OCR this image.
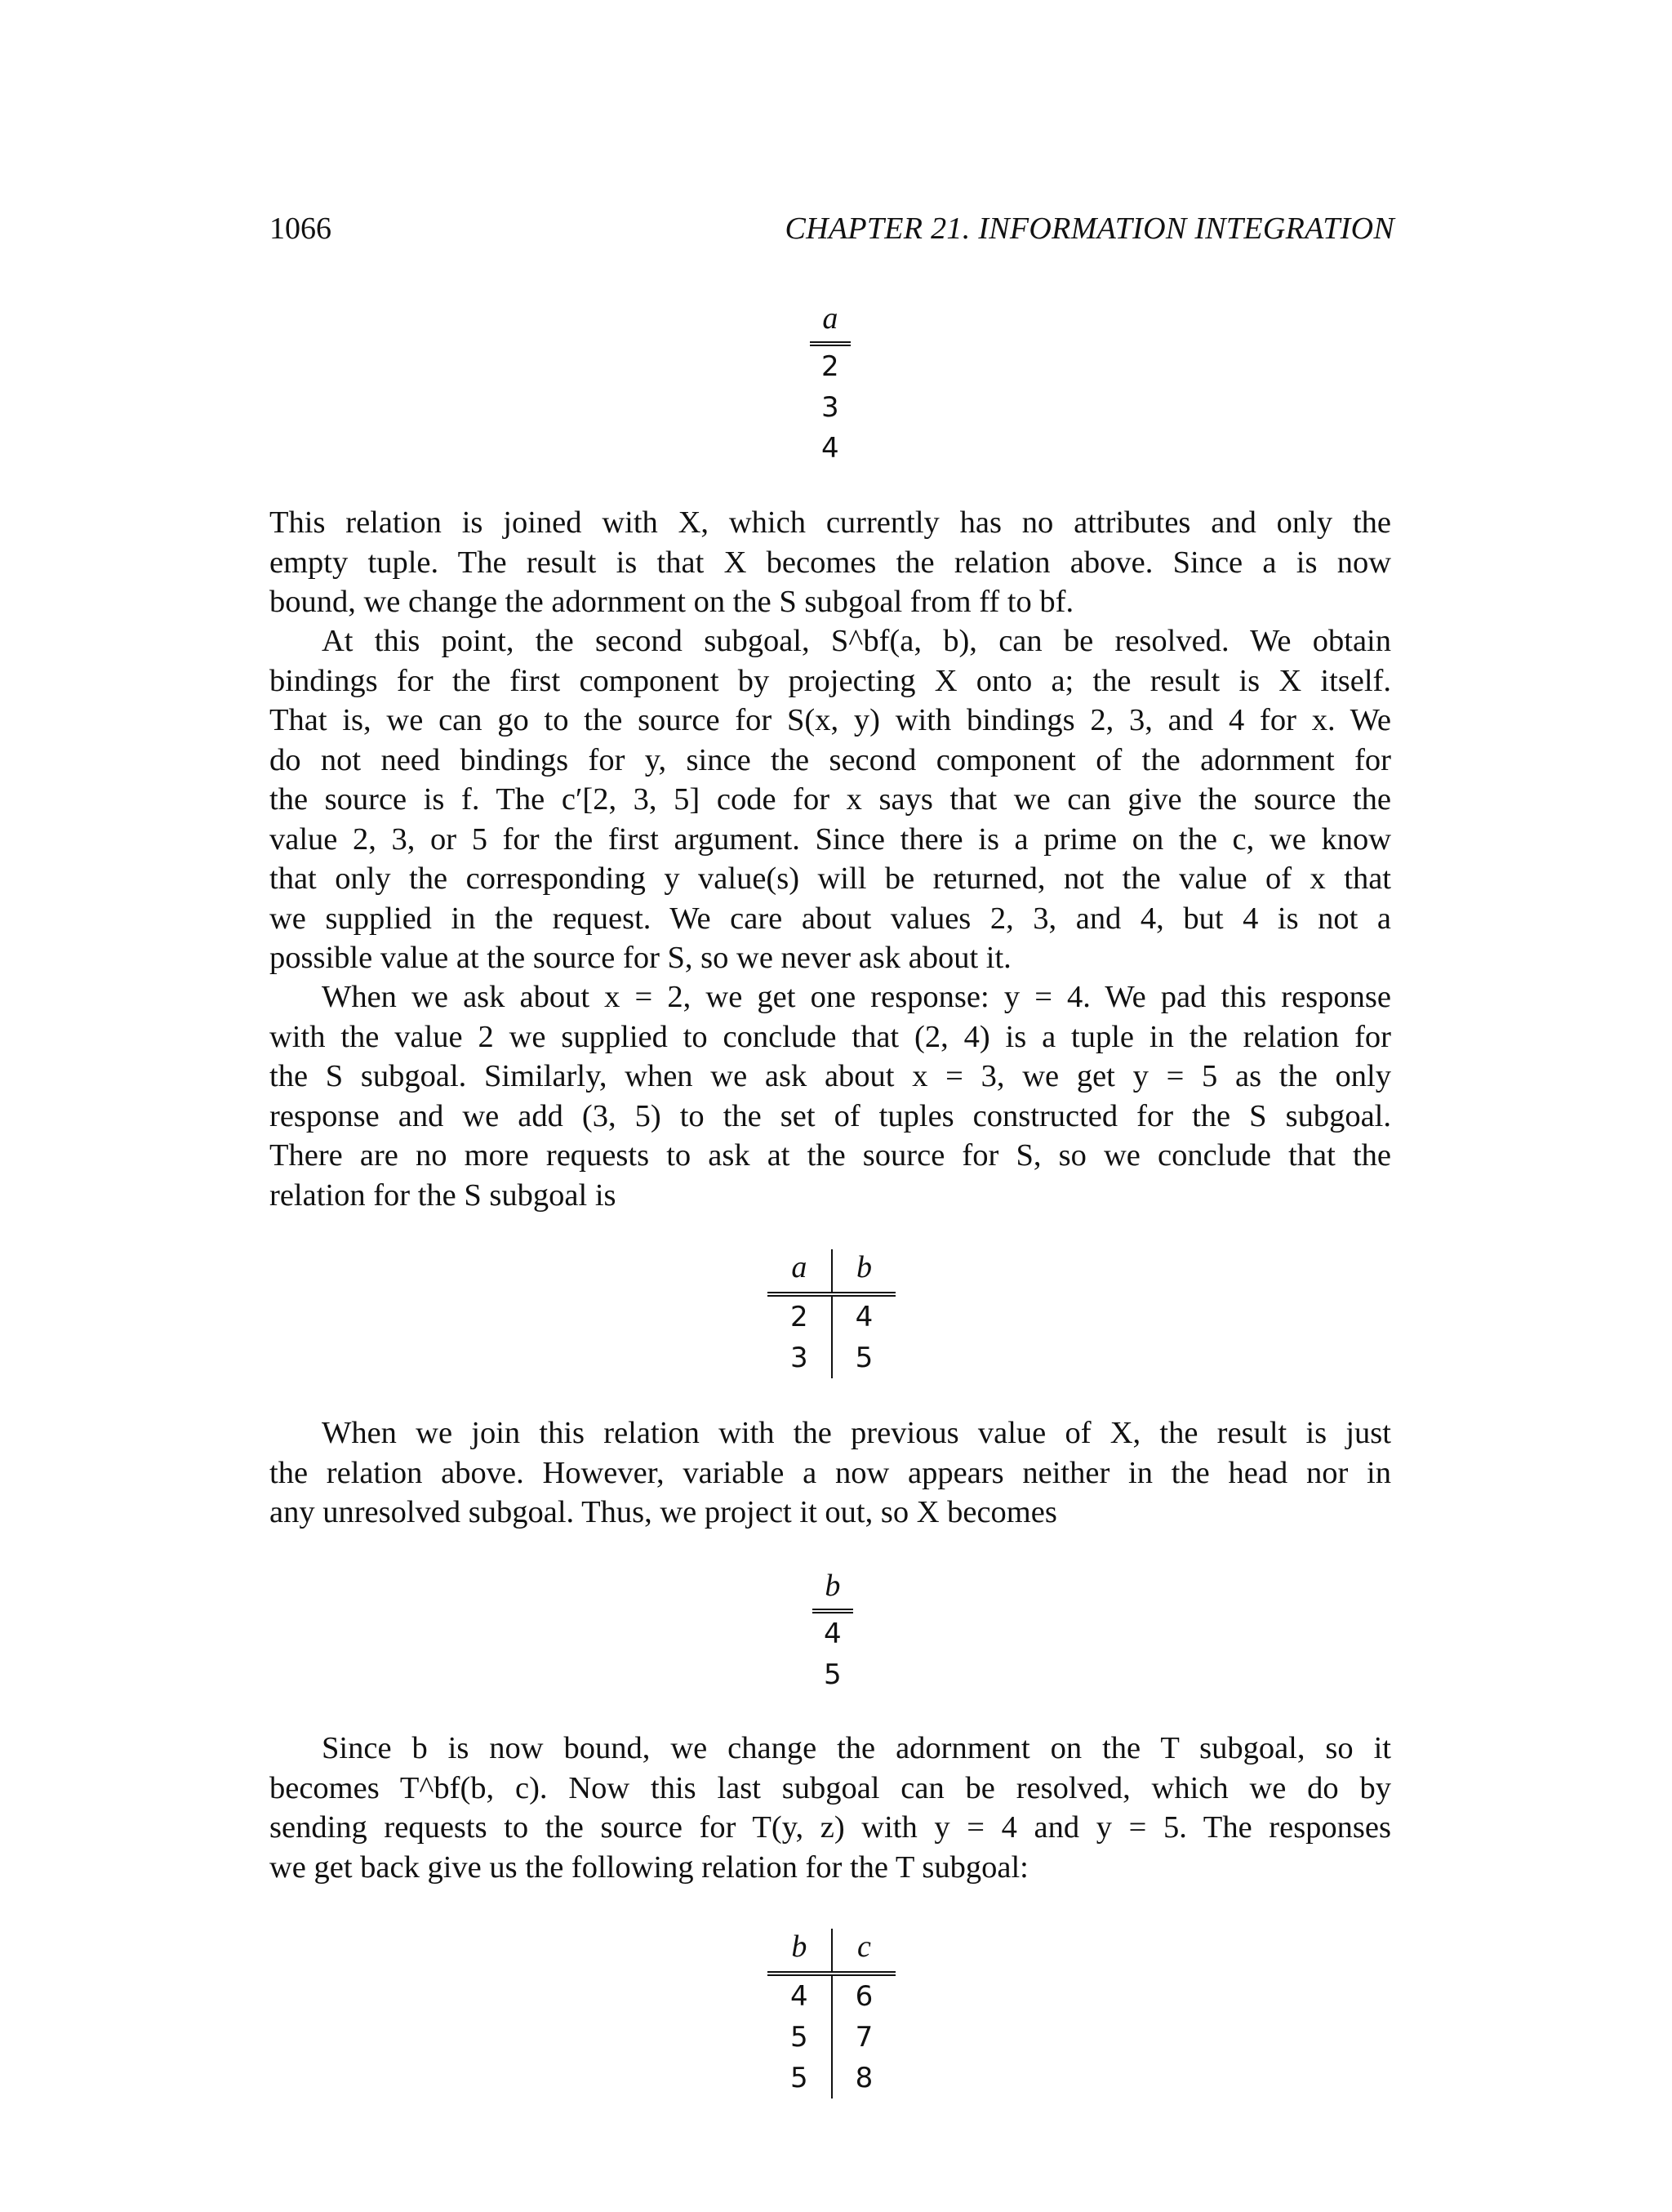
1066	CHAPTER 21. INFORMATION INTEGRATION
a
2
3
4
This relation is joined with X, which currently has no attributes and only the
empty tuple. The result is that X becomes the relation above. Since a is now
bound, we change the adornment on the S subgoal from ff to bf.
At this point, the second subgoal, S^bf(a, b), can be resolved. We obtain
bindings for the first component by projecting X onto a; the result is X itself.
That is, we can go to the source for S(x, y) with bindings 2, 3, and 4 for x. We
do not need bindings for y, since the second component of the adornment for
the source is f. The c′[2, 3, 5] code for x says that we can give the source the
value 2, 3, or 5 for the first argument. Since there is a prime on the c, we know
that only the corresponding y value(s) will be returned, not the value of x that
we supplied in the request. We care about values 2, 3, and 4, but 4 is not a
possible value at the source for S, so we never ask about it.
When we ask about x = 2, we get one response: y = 4. We pad this response
with the value 2 we supplied to conclude that (2, 4) is a tuple in the relation for
the S subgoal. Similarly, when we ask about x = 3, we get y = 5 as the only
response and we add (3, 5) to the set of tuples constructed for the S subgoal.
There are no more requests to ask at the source for S, so we conclude that the
relation for the S subgoal is
a	b
2	4
3	5
When we join this relation with the previous value of X, the result is just
the relation above. However, variable a now appears neither in the head nor in
any unresolved subgoal. Thus, we project it out, so X becomes
b
4
5
Since b is now bound, we change the adornment on the T subgoal, so it
becomes T^bf(b, c). Now this last subgoal can be resolved, which we do by
sending requests to the source for T(y, z) with y = 4 and y = 5. The responses
we get back give us the following relation for the T subgoal:
b	c
4	6
5	7
5	8
